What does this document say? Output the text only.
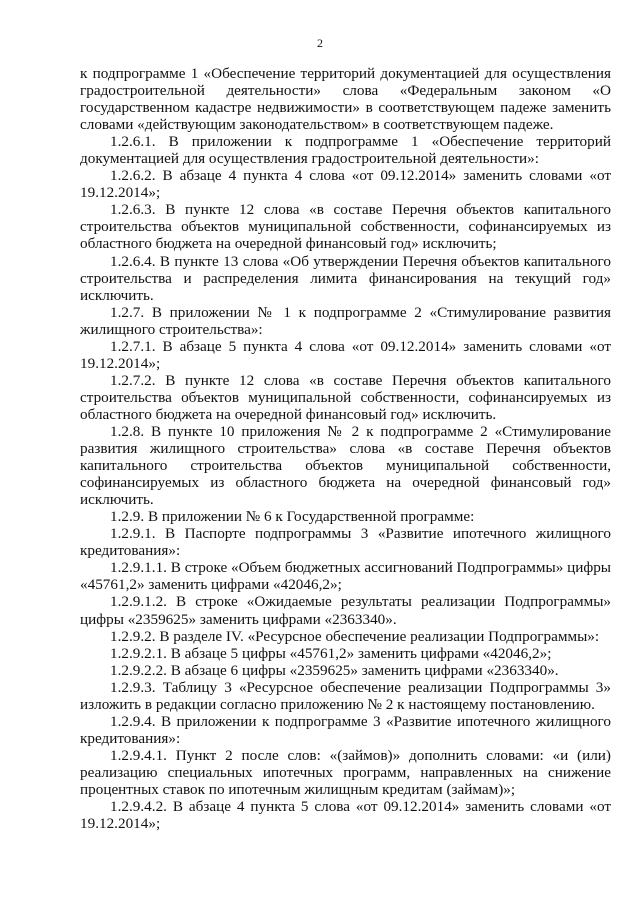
2

к подпрограмме 1 «Обеспечение территорий документацией для осуществления градостроительной деятельности» слова «Федеральным законом «О государственном кадастре недвижимости» в соответствующем падеже заменить словами «действующим законодательством» в соответствующем падеже.

1.2.6.1. В приложении к подпрограмме 1 «Обеспечение территорий документацией для осуществления градостроительной деятельности»:

1.2.6.2. В абзаце 4 пункта 4 слова «от 09.12.2014» заменить словами «от 19.12.2014»;

1.2.6.3. В пункте 12 слова «в составе Перечня объектов капитального строительства объектов муниципальной собственности, софинансируемых из областного бюджета на очередной финансовый год» исключить;

1.2.6.4. В пункте 13 слова «Об утверждении Перечня объектов капитального строительства и распределения лимита финансирования на текущий год» исключить.

1.2.7. В приложении № 1 к подпрограмме 2 «Стимулирование развития жилищного строительства»:

1.2.7.1. В абзаце 5 пункта 4 слова «от 09.12.2014» заменить словами «от 19.12.2014»;

1.2.7.2. В пункте 12 слова «в составе Перечня объектов капитального строительства объектов муниципальной собственности, софинансируемых из областного бюджета на очередной финансовый год» исключить.

1.2.8. В пункте 10 приложения № 2 к подпрограмме 2 «Стимулирование развития жилищного строительства» слова «в составе Перечня объектов капитального строительства объектов муниципальной собственности, софинансируемых из областного бюджета на очередной финансовый год» исключить.

1.2.9. В приложении № 6 к Государственной программе:

1.2.9.1. В Паспорте подпрограммы 3 «Развитие ипотечного жилищного кредитования»:

1.2.9.1.1. В строке «Объем бюджетных ассигнований Подпрограммы» цифры «45761,2» заменить цифрами «42046,2»;

1.2.9.1.2. В строке «Ожидаемые результаты реализации Подпрограммы» цифры «2359625» заменить цифрами «2363340».

1.2.9.2. В разделе IV. «Ресурсное обеспечение реализации Подпрограммы»:

1.2.9.2.1. В абзаце 5 цифры «45761,2» заменить цифрами «42046,2»;

1.2.9.2.2. В абзаце 6 цифры «2359625» заменить цифрами «2363340».

1.2.9.3. Таблицу 3 «Ресурсное обеспечение реализации Подпрограммы 3» изложить в редакции согласно приложению № 2 к настоящему постановлению.

1.2.9.4. В приложении к подпрограмме 3 «Развитие ипотечного жилищного кредитования»:

1.2.9.4.1. Пункт 2 после слов: «(займов)» дополнить словами: «и (или) реализацию специальных ипотечных программ, направленных на снижение процентных ставок по ипотечным жилищным кредитам (займам)»;

1.2.9.4.2. В абзаце 4 пункта 5 слова «от 09.12.2014» заменить словами «от 19.12.2014»;
